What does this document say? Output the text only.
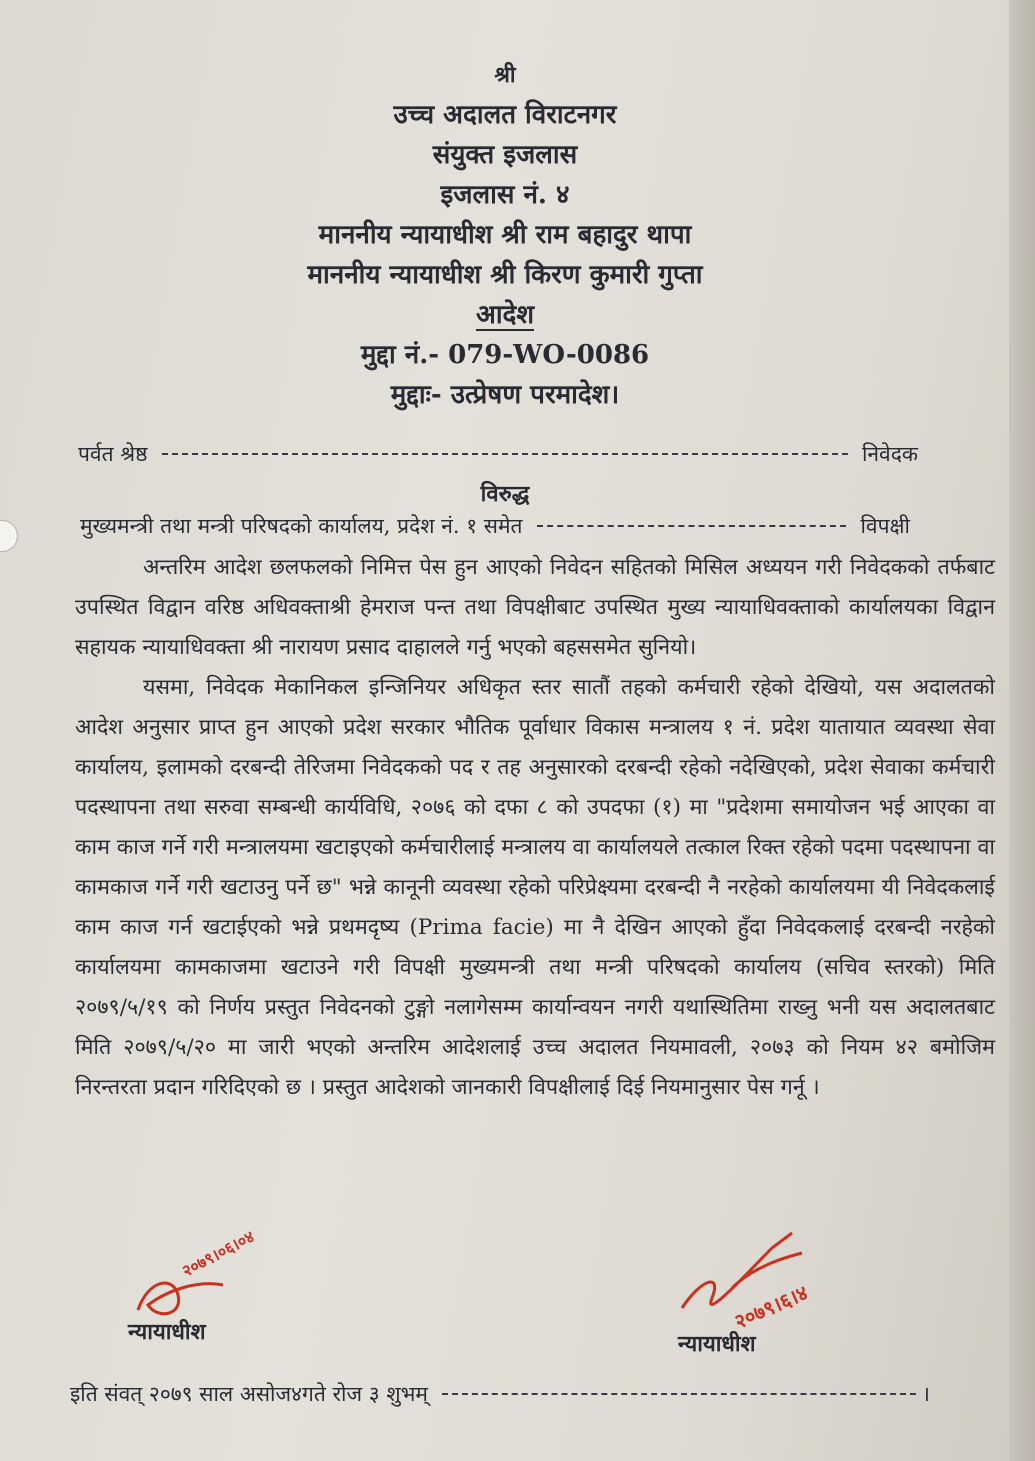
श्री
उच्च अदालत विराटनगर
संयुक्त इजलास
इजलास नं. ४
माननीय न्यायाधीश श्री राम बहादुर थापा
माननीय न्यायाधीश श्री किरण कुमारी गुप्ता
आदेश
मुद्दा नं.- 079-WO-0086
मुद्दाः- उत्प्रेषण परमादेश।
पर्वत श्रेष्ठ	निवेदक
विरुद्ध
मुख्यमन्त्री तथा मन्त्री परिषदको कार्यालय, प्रदेश नं. १ समेत	विपक्षी

अन्तरिम आदेश छलफलको निमित्त पेस हुन आएको निवेदन सहितको मिसिल अध्ययन गरी निवेदकको तर्फबाट उपस्थित विद्वान वरिष्ठ अधिवक्ताश्री हेमराज पन्त तथा विपक्षीबाट उपस्थित मुख्य न्यायाधिवक्ताको कार्यालयका विद्वान सहायक न्यायाधिवक्ता श्री नारायण प्रसाद दाहालले गर्नु भएको बहससमेत सुनियो।

यसमा, निवेदक मेकानिकल इन्जिनियर अधिकृत स्तर सातौं तहको कर्मचारी रहेको देखियो, यस अदालतको आदेश अनुसार प्राप्त हुन आएको प्रदेश सरकार भौतिक पूर्वाधार विकास मन्त्रालय १ नं. प्रदेश यातायात व्यवस्था सेवा कार्यालय, इलामको दरबन्दी तेरिजमा निवेदकको पद र तह अनुसारको दरबन्दी रहेको नदेखिएको, प्रदेश सेवाका कर्मचारी पदस्थापना तथा सरुवा सम्बन्धी कार्यविधि, २०७६ को दफा ८ को उपदफा (१) मा "प्रदेशमा समायोजन भई आएका वा काम काज गर्ने गरी मन्त्रालयमा खटाइएको कर्मचारीलाई मन्त्रालय वा कार्यालयले तत्काल रिक्त रहेको पदमा पदस्थापना वा कामकाज गर्ने गरी खटाउनु पर्ने छ" भन्ने कानूनी व्यवस्था रहेको परिप्रेक्ष्यमा दरबन्दी नै नरहेको कार्यालयमा यी निवेदकलाई काम काज गर्न खटाईएको भन्ने प्रथमदृष्य (Prima facie) मा नै देखिन आएको हुँदा निवेदकलाई दरबन्दी नरहेको कार्यालयमा कामकाजमा खटाउने गरी विपक्षी मुख्यमन्त्री तथा मन्त्री परिषदको कार्यालय (सचिव स्तरको) मिति २०७९/५/१९ को निर्णय प्रस्तुत निवेदनको टुङ्गो नलागेसम्म कार्यान्वयन नगरी यथास्थितिमा राख्नु भनी यस अदालतबाट मिति २०७९/५/२० मा जारी भएको अन्तरिम आदेशलाई उच्च अदालत नियमावली, २०७३ को नियम ४२ बमोजिम निरन्तरता प्रदान गरिदिएको छ । प्रस्तुत आदेशको जानकारी विपक्षीलाई दिई नियमानुसार पेस गर्नू ।

२०७९।०६।०४
२०७९।६।४
न्यायाधीश	न्यायाधीश
इति संवत् २०७९ साल असोज४गते रोज ३ शुभम्	।
